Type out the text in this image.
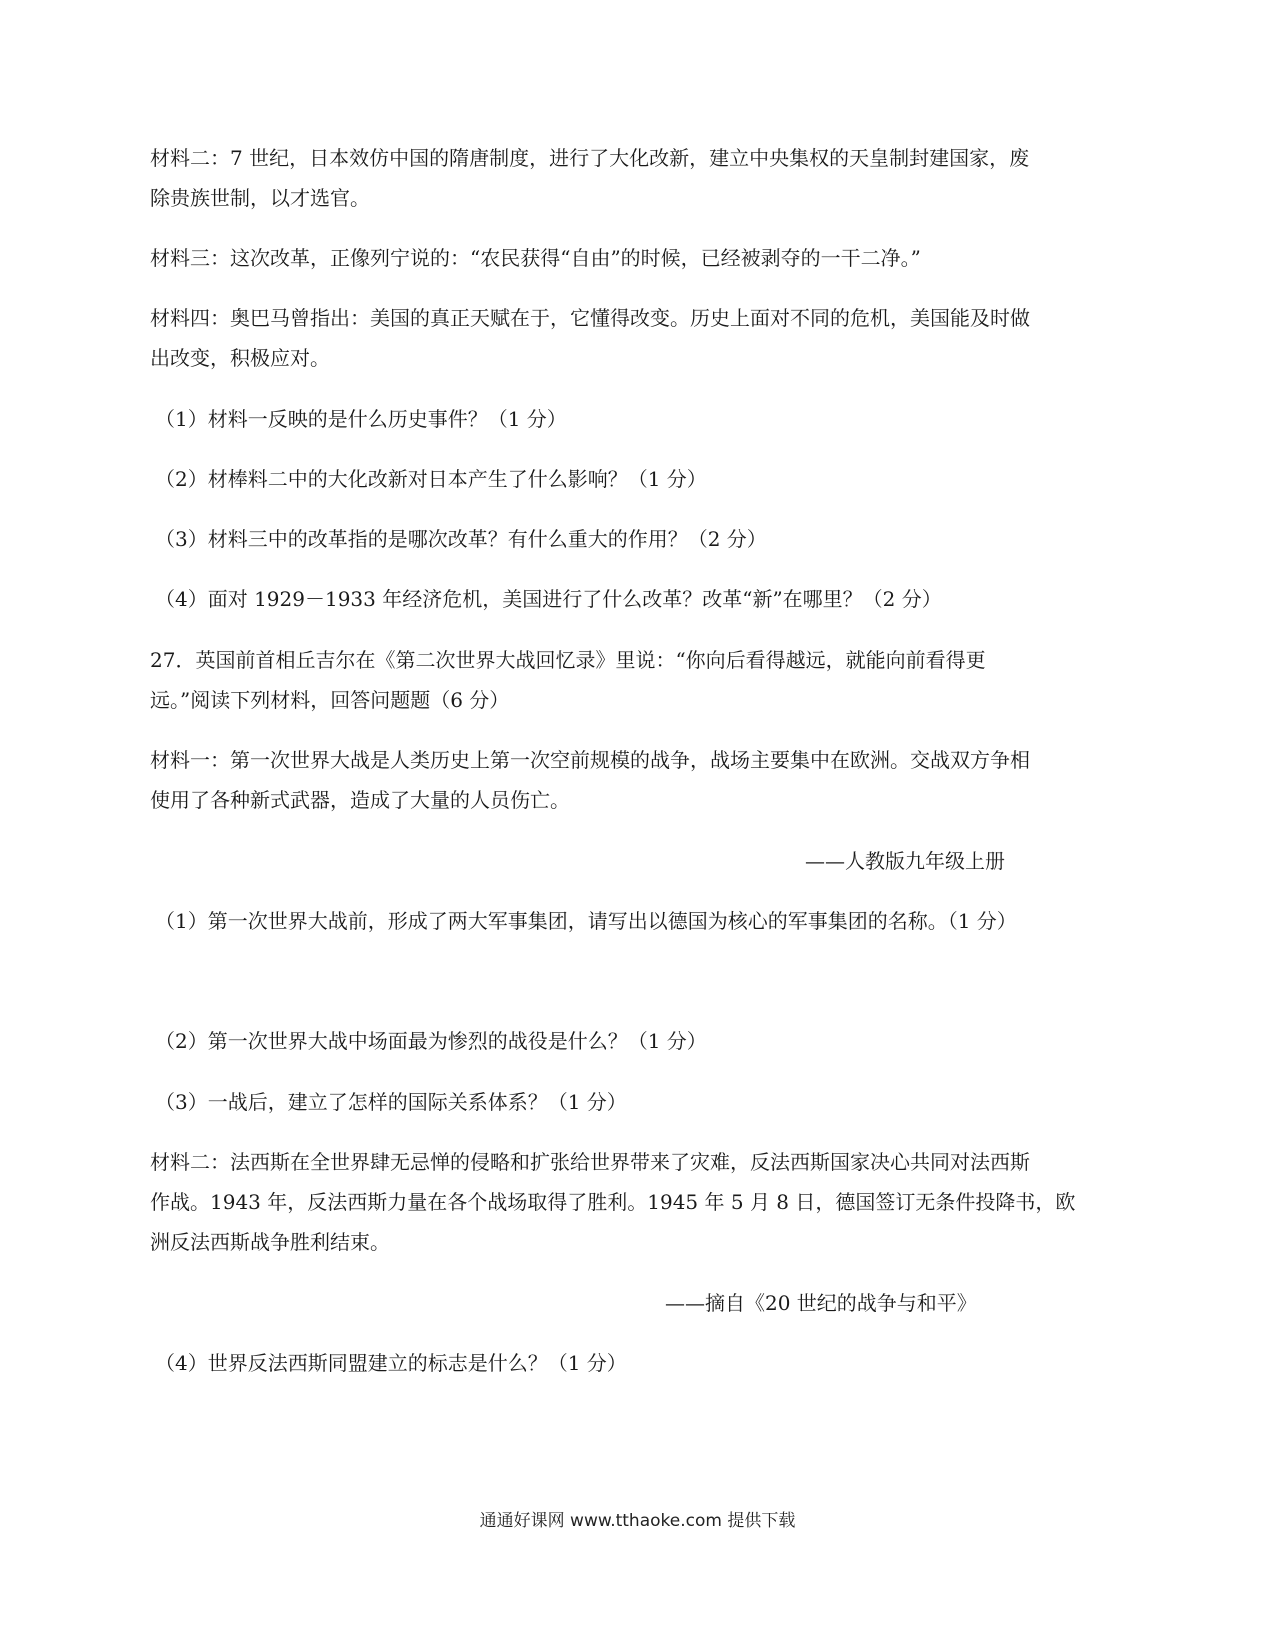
材料二：7 世纪，日本效仿中国的隋唐制度，进行了大化改新，建立中央集权的天皇制封建国家，废
除贵族世制，以才选官。
材料三：这次改革，正像列宁说的：“农民获得“自由”的时候，已经被剥夺的一干二净。”
材料四：奥巴马曾指出：美国的真正天赋在于，它懂得改变。历史上面对不同的危机，美国能及时做
出改变，积极应对。
（1）材料一反映的是什么历史事件？（1 分）
（2）材棒料二中的大化改新对日本产生了什么影响？（1 分）
（3）材料三中的改革指的是哪次改革？有什么重大的作用？（2 分）
（4）面对 1929－1933 年经济危机，美国进行了什么改革？改革“新”在哪里？（2 分）
27．英国前首相丘吉尔在《第二次世界大战回忆录》里说：“你向后看得越远，就能向前看得更
远。”阅读下列材料，回答问题题（6 分）
材料一：第一次世界大战是人类历史上第一次空前规模的战争，战场主要集中在欧洲。交战双方争相
使用了各种新式武器，造成了大量的人员伤亡。
——人教版九年级上册
（1）第一次世界大战前，形成了两大军事集团，请写出以德国为核心的军事集团的名称。（1 分）
（2）第一次世界大战中场面最为惨烈的战役是什么？（1 分）
（3）一战后，建立了怎样的国际关系体系？（1 分）
材料二：法西斯在全世界肆无忌惮的侵略和扩张给世界带来了灾难，反法西斯国家决心共同对法西斯
作战。1943 年，反法西斯力量在各个战场取得了胜利。1945 年 5 月 8 日，德国签订无条件投降书，欧
洲反法西斯战争胜利结束。
——摘自《20 世纪的战争与和平》
（4）世界反法西斯同盟建立的标志是什么？（1 分）
通通好课网 www.tthaoke.com 提供下载
